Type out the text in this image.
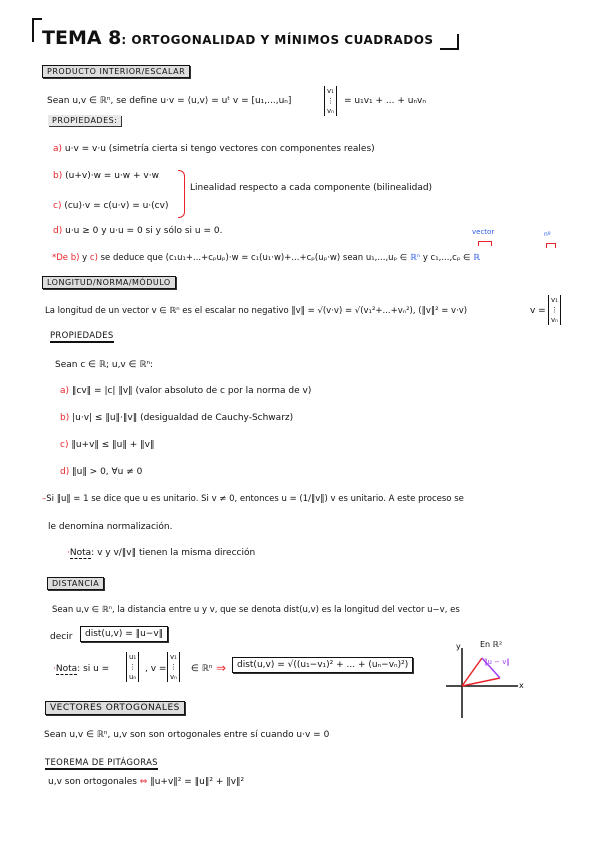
TEMA 8: ORTOGONALIDAD Y MÍNIMOS CUADRADOS
PRODUCTO INTERIOR/ESCALAR
Sean u,v ∈ ℝⁿ, se define u·v = ⟨u,v⟩ = uᵗ v = [u₁,...,uₙ]
v₁
⋮
vₙ
= u₁v₁ + ... + uₙvₙ
PROPIEDADES:
a) u·v = v·u (simetría cierta si tengo vectores con componentes reales)
b) (u+v)·w = u·w + v·w
c) (cu)·v = c(u·v) = u·(cv)
Linealidad respecto a cada componente (bilinealidad)
d) u·u ≥ 0 y u·u = 0 si y sólo si u = 0.	vector	nº
*De b) y c) se deduce que (c₁u₁+...+cₚuₚ)·w = c₁(u₁·w)+...+cₚ(uₚ·w) sean u₁,...,uₚ ∈ ℝⁿ y c₁,...,cₚ ∈ ℝ
LONGITUD/NORMA/MÓDULO
La longitud de un vector v ∈ ℝⁿ es el escalar no negativo ‖v‖ = √(v·v) = √(v₁²+...+vₙ²), (‖v‖² = v·v)	v =
v₁
⋮
vₙ
PROPIEDADES
Sean c ∈ ℝ; u,v ∈ ℝⁿ:
a) ‖cv‖ = |c| ‖v‖ (valor absoluto de c por la norma de v)
b) |u·v| ≤ ‖u‖·‖v‖ (desigualdad de Cauchy-Schwarz)
c) ‖u+v‖ ≤ ‖u‖ + ‖v‖
d) ‖u‖ > 0, ∀u ≠ 0
–Si ‖u‖ = 1 se dice que u es unitario. Si v ≠ 0, entonces u = (1/‖v‖) v es unitario. A este proceso se
le denomina normalización.
·Nota: v y v/‖v‖ tienen la misma dirección
DISTANCIA
Sean u,v ∈ ℝⁿ, la distancia entre u y v, que se denota dist(u,v) es la longitud del vector u−v, es
decir	dist(u,v) = ‖u−v‖
·Nota: si u =
u₁
⋮
uₙ
, v =
v₁
⋮
vₙ
∈ ℝⁿ ⇒	dist(u,v) = √((u₁−v₁)² + ... + (uₙ−vₙ)²)
y
x
En ℝ²
‖u − v‖
VECTORES ORTOGONALES
Sean u,v ∈ ℝⁿ, u,v son son ortogonales entre sí cuando u·v = 0
TEOREMA DE PITÁGORAS
u,v son ortogonales ⇔ ‖u+v‖² = ‖u‖² + ‖v‖²
